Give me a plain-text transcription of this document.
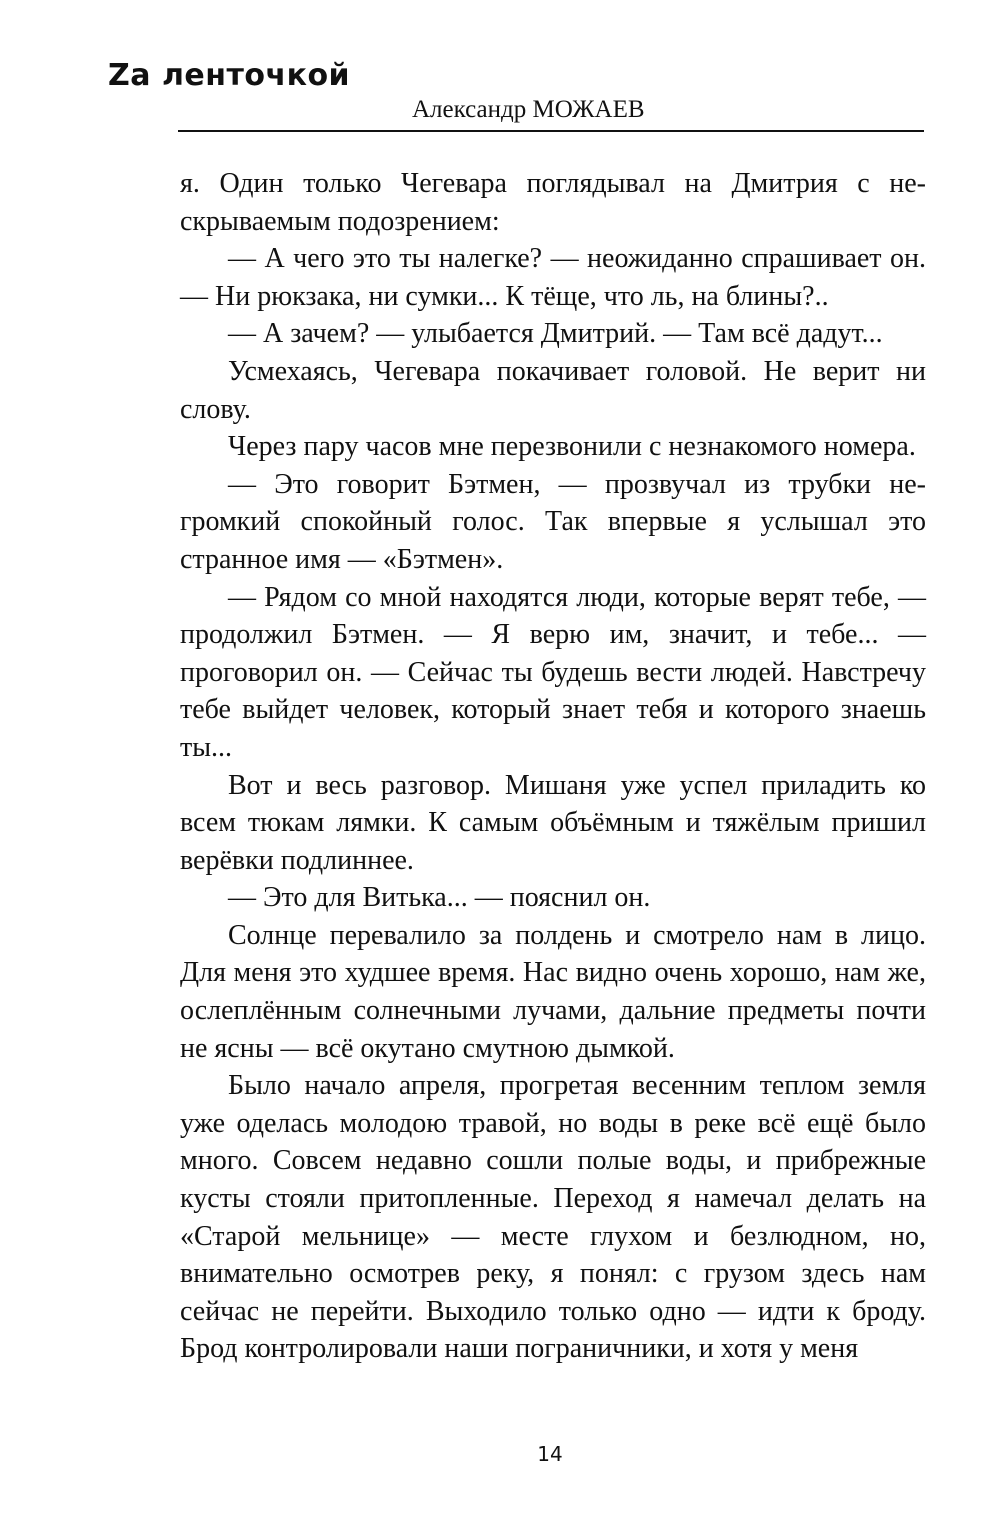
Zа ленточкой
Александр МОЖАЕВ

я. Один только Чегевара поглядывал на Дмитрия с нескрываемым подозрением:

— А чего это ты налегке? — неожиданно спрашивает он. — Ни рюкзака, ни сумки... К тёще, что ль, на блины?..

— А зачем? — улыбается Дмитрий. — Там всё дадут...

Усмехаясь, Чегевара покачивает головой. Не верит ни слову.

Через пару часов мне перезвонили с незнакомого номера.

— Это говорит Бэтмен, — прозвучал из трубки негромкий спокойный голос. Так впервые я услышал это странное имя — «Бэтмен».

— Рядом со мной находятся люди, которые верят тебе, — продолжил Бэтмен. — Я верю им, значит, и тебе... — проговорил он. — Сейчас ты будешь вести людей. Навстречу тебе выйдет человек, который знает тебя и которого знаешь ты...

Вот и весь разговор. Мишаня уже успел приладить ко всем тюкам лямки. К самым объёмным и тяжёлым пришил верёвки подлиннее.

— Это для Витька... — пояснил он.

Солнце перевалило за полдень и смотрело нам в лицо. Для меня это худшее время. Нас видно очень хорошо, нам же, ослеплённым солнечными лучами, дальние предметы почти не ясны — всё окутано смутною дымкой.

Было начало апреля, прогретая весенним теплом земля уже оделась молодою травой, но воды в реке всё ещё было много. Совсем недавно сошли полые воды, и прибрежные кусты стояли притопленные. Переход я намечал делать на «Старой мельнице» — месте глухом и безлюдном, но, внимательно осмотрев реку, я понял: с грузом здесь нам сейчас не перейти. Выходило только одно — идти к броду. Брод контролировали наши пограничники, и хотя у меня

14
